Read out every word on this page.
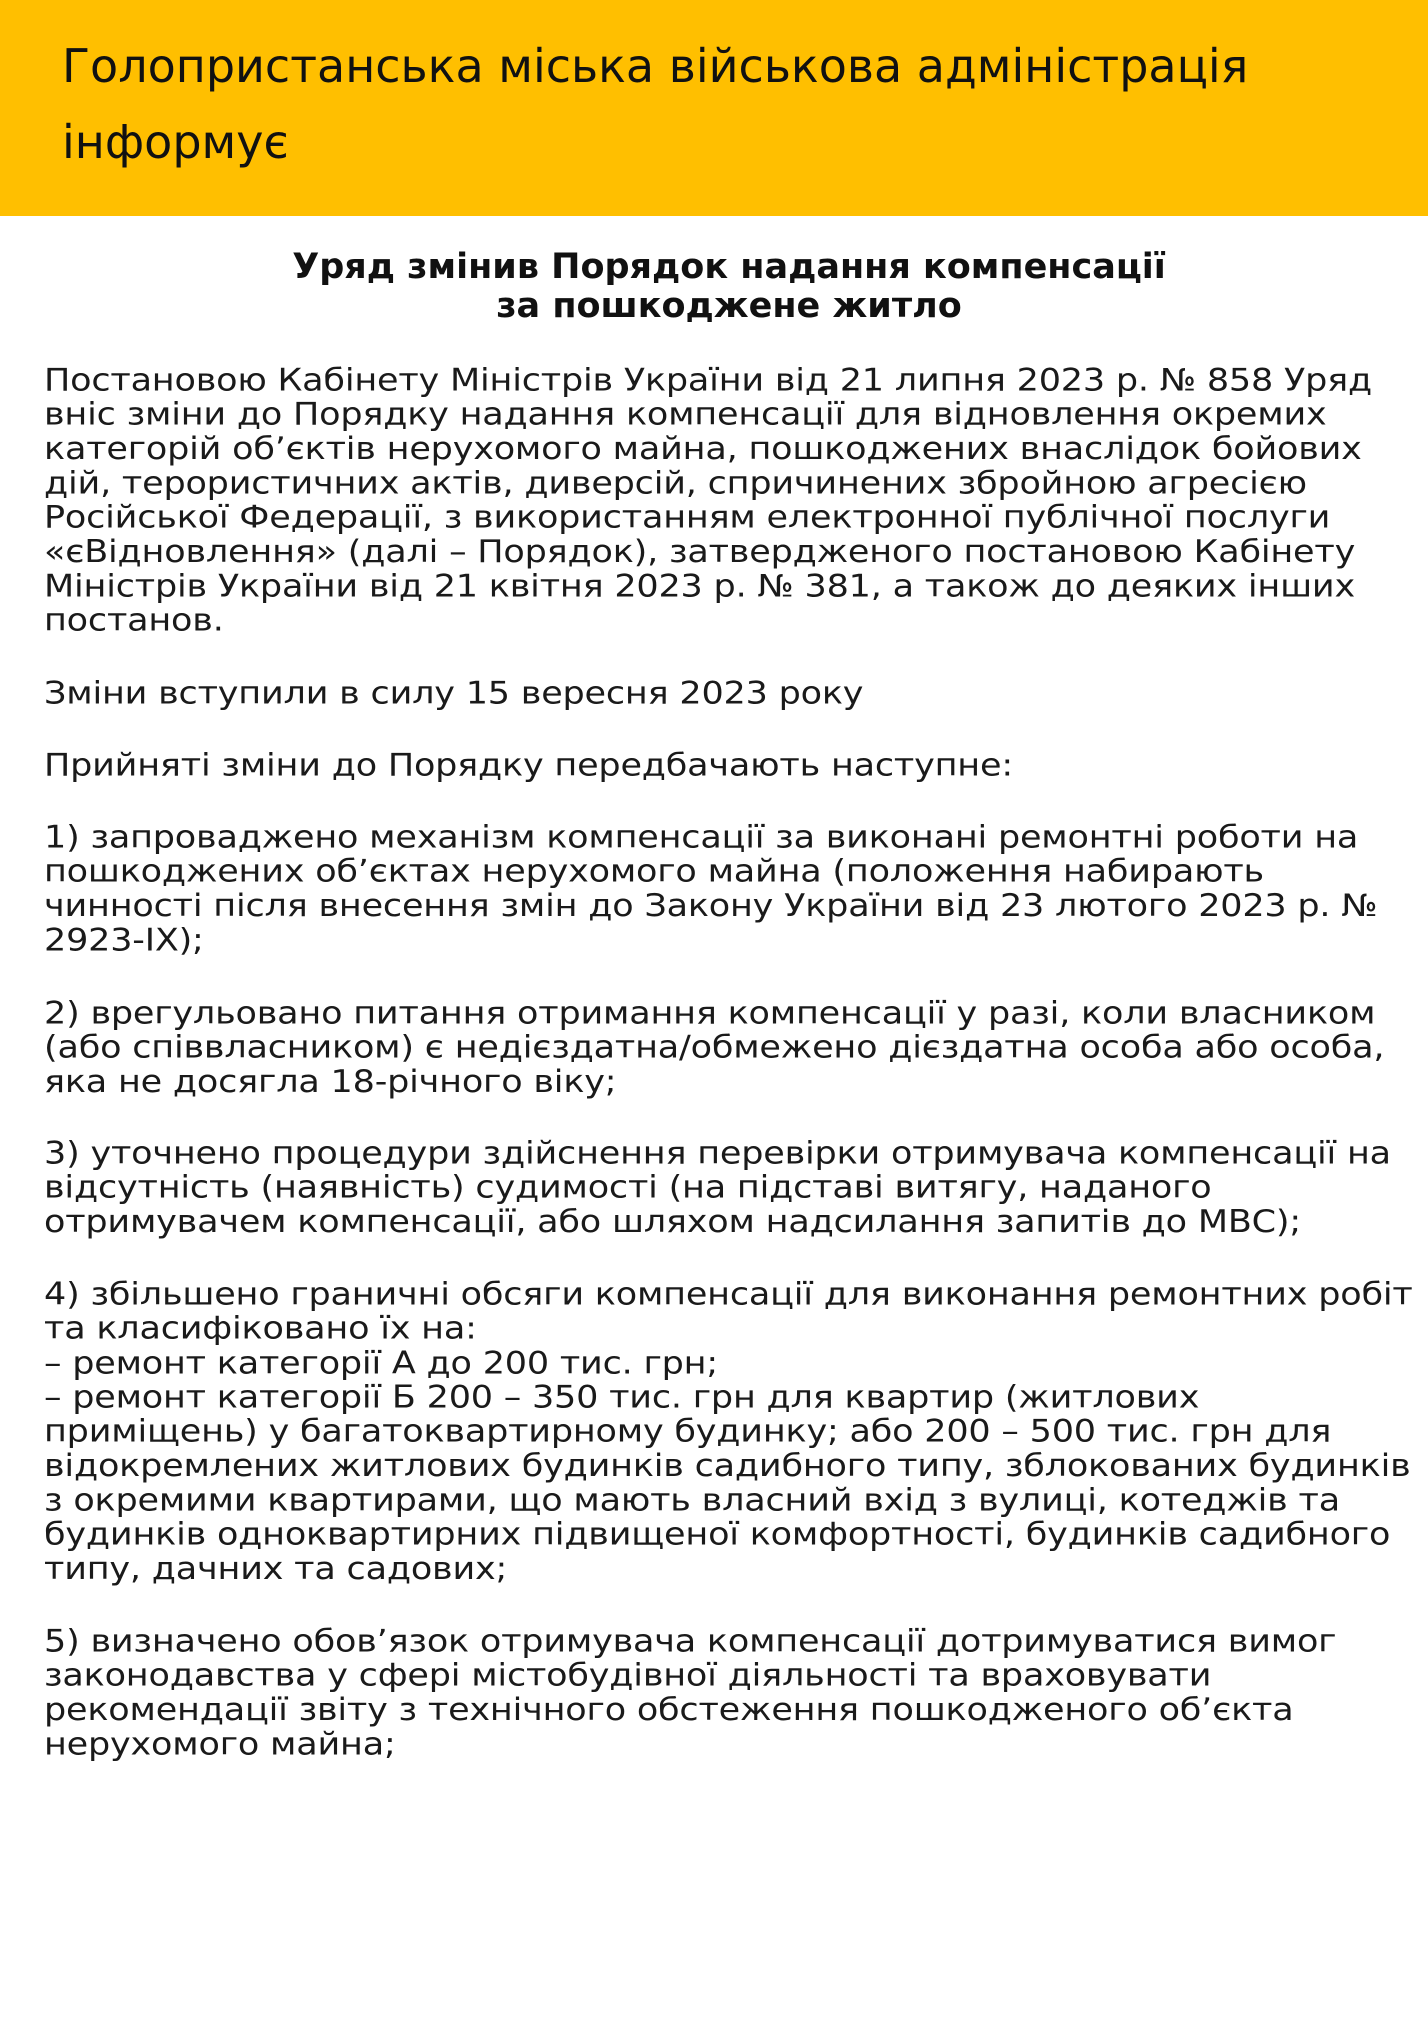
Голопристанська міська військова адміністрація
інформує
Уряд змінив Порядок надання компенсації
за пошкоджене житло

Постановою Кабінету Міністрів України від 21 липня 2023 р. № 858 Уряд вніс зміни до Порядку надання компенсації для відновлення окремих категорій об’єктів нерухомого майна, пошкоджених внаслідок бойових дій, терористичних актів, диверсій, спричинених збройною агресією Російської Федерації, з використанням електронної публічної послуги «єВідновлення» (далі – Порядок), затвердженого постановою Кабінету Міністрів України від 21 квітня 2023 р. № 381, а також до деяких інших постанов.

Зміни вступили в силу 15 вересня 2023 року

Прийняті зміни до Порядку передбачають наступне:

1) запроваджено механізм компенсації за виконані ремонтні роботи на пошкоджених об’єктах нерухомого майна (положення набирають чинності після внесення змін до Закону України від 23 лютого 2023 р. № 2923-IX);

2) врегульовано питання отримання компенсації у разі, коли власником (або співвласником) є недієздатна/обмежено дієздатна особа або особа, яка не досягла 18-річного віку;

3) уточнено процедури здійснення перевірки отримувача компенсації на відсутність (наявність) судимості (на підставі витягу, наданого отримувачем компенсації, або шляхом надсилання запитів до МВС);

4) збільшено граничні обсяги компенсації для виконання ремонтних робіт та класифіковано їх на:

– ремонт категорії А до 200 тис. грн;

– ремонт категорії Б 200 – 350 тис. грн для квартир (житлових приміщень) у багатоквартирному будинку; або 200 – 500 тис. грн для відокремлених житлових будинків садибного типу, зблокованих будинків з окремими квартирами, що мають власний вхід з вулиці, котеджів та будинків одноквартирних підвищеної комфортності, будинків садибного типу, дачних та садових;

5) визначено обов’язок отримувача компенсації дотримуватися вимог законодавства у сфері містобудівної діяльності та враховувати рекомендації звіту з технічного обстеження пошкодженого об’єкта нерухомого майна;
